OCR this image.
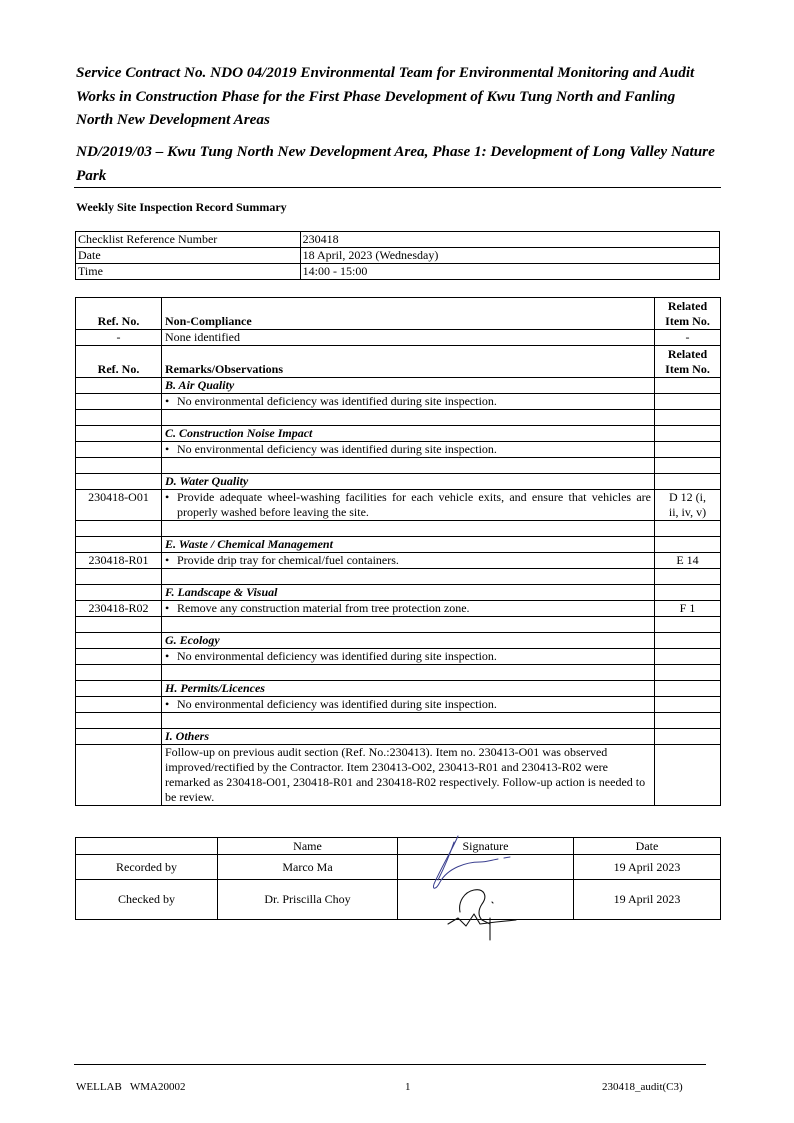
Service Contract No. NDO 04/2019 Environmental Team for Environmental Monitoring and Audit Works in Construction Phase for the First Phase Development of Kwu Tung North and Fanling North New Development Areas
ND/2019/03 – Kwu Tung North New Development Area, Phase 1: Development of Long Valley Nature Park
Weekly Site Inspection Record Summary
Checklist Reference Number	230418
Date	18 April, 2023 (Wednesday)
Time	14:00 - 15:00
Ref. No.	Non-Compliance	Related
Item No.
-	None identified	-
Ref. No.	Remarks/Observations	Related
Item No.
	B. Air Quality	

	• No environmental deficiency was identified during site inspection.

	C. Construction Noise Impact	

	• No environmental deficiency was identified during site inspection.

	D. Water Quality	
230418-O01	• Provide adequate wheel-washing facilities for each vehicle exits, and ensure that vehicles are properly washed before leaving the site.	D 12 (i,
ii, iv, v)

	E. Waste / Chemical Management	
230418-R01	• Provide drip tray for chemical/fuel containers.	E 14

	F. Landscape & Visual	
230418-R02	• Remove any construction material from tree protection zone.	F 1

	G. Ecology	

	• No environmental deficiency was identified during site inspection.

	H. Permits/Licences	

	• No environmental deficiency was identified during site inspection.

	I. Others	
	Follow-up on previous audit section (Ref. No.:230413). Item no. 230413-O01 was observed improved/rectified by the Contractor. Item 230413-O02, 230413-R01 and 230413-R02 were remarked as 230418-O01, 230418-R01 and 230418-R02 respectively. Follow-up action is needed to be review.	
	Name	Signature	Date
Recorded by	Marco Ma		19 April 2023
Checked by	Dr. Priscilla Choy		19 April 2023
WELLAB   WMA20002	1	230418_audit(C3)
